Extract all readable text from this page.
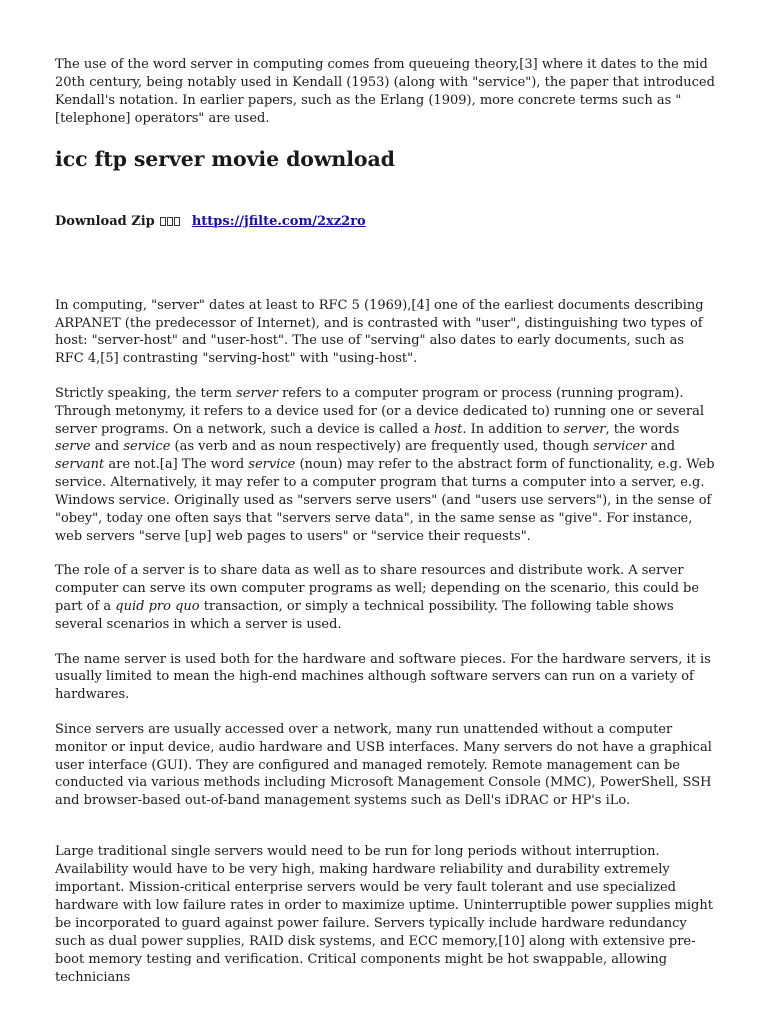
The use of the word server in computing comes from queueing theory,[3] where it dates to the mid 20th century, being notably used in Kendall (1953) (along with "service"), the paper that introduced Kendall's notation. In earlier papers, such as the Erlang (1909), more concrete terms such as "[telephone] operators" are used.

icc ftp server movie download
Download Zip	https://jfilte.com/2xz2ro

In computing, "server" dates at least to RFC 5 (1969),[4] one of the earliest documents describing ARPANET (the predecessor of Internet), and is contrasted with "user", distinguishing two types of host: "server-host" and "user-host". The use of "serving" also dates to early documents, such as RFC 4,[5] contrasting "serving-host" with "using-host".

Strictly speaking, the term server refers to a computer program or process (running program). Through metonymy, it refers to a device used for (or a device dedicated to) running one or several server programs. On a network, such a device is called a host. In addition to server, the words serve and service (as verb and as noun respectively) are frequently used, though servicer and servant are not.[a] The word service (noun) may refer to the abstract form of functionality, e.g. Web service. Alternatively, it may refer to a computer program that turns a computer into a server, e.g. Windows service. Originally used as "servers serve users" (and "users use servers"), in the sense of "obey", today one often says that "servers serve data", in the same sense as "give". For instance, web servers "serve [up] web pages to users" or "service their requests".

The role of a server is to share data as well as to share resources and distribute work. A server computer can serve its own computer programs as well; depending on the scenario, this could be part of a quid pro quo transaction, or simply a technical possibility. The following table shows several scenarios in which a server is used.

The name server is used both for the hardware and software pieces. For the hardware servers, it is usually limited to mean the high-end machines although software servers can run on a variety of hardwares.

Since servers are usually accessed over a network, many run unattended without a computer monitor or input device, audio hardware and USB interfaces. Many servers do not have a graphical user interface (GUI). They are configured and managed remotely. Remote management can be conducted via various methods including Microsoft Management Console (MMC), PowerShell, SSH and browser-based out-of-band management systems such as Dell's iDRAC or HP's iLo.

Large traditional single servers would need to be run for long periods without interruption. Availability would have to be very high, making hardware reliability and durability extremely important. Mission-critical enterprise servers would be very fault tolerant and use specialized hardware with low failure rates in order to maximize uptime. Uninterruptible power supplies might be incorporated to guard against power failure. Servers typically include hardware redundancy such as dual power supplies, RAID disk systems, and ECC memory,[10] along with extensive pre-boot memory testing and verification. Critical components might be hot swappable, allowing technicians
